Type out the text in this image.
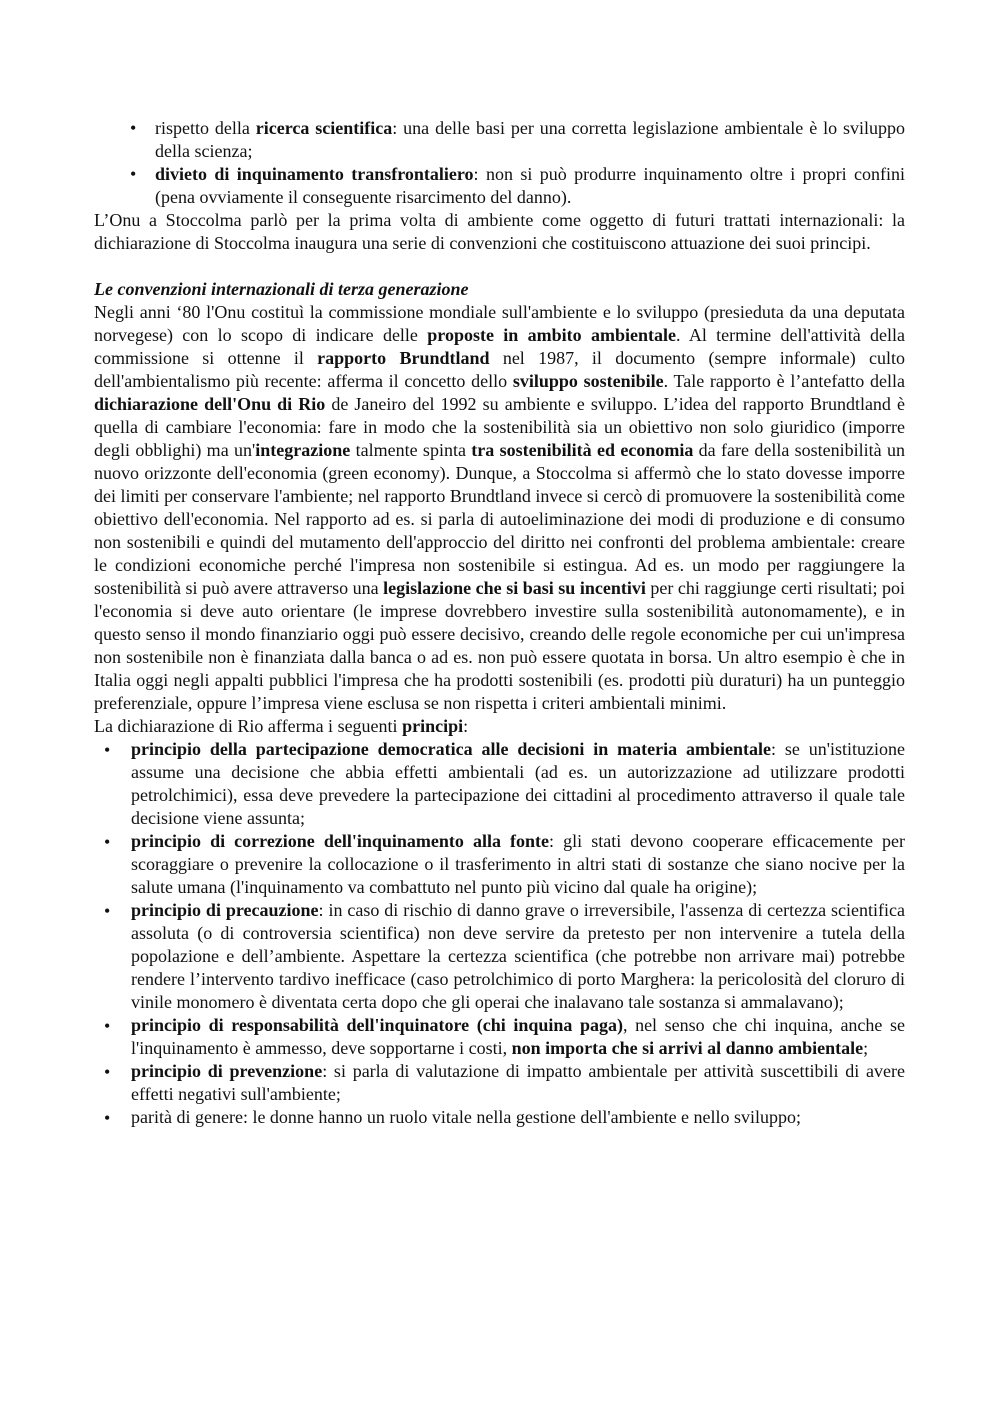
• rispetto della ricerca scientifica: una delle basi per una corretta legislazione ambientale è lo sviluppo della scienza;
• divieto di inquinamento transfrontaliero: non si può produrre inquinamento oltre i propri confini (pena ovviamente il conseguente risarcimento del danno).

L’Onu a Stoccolma parlò per la prima volta di ambiente come oggetto di futuri trattati internazionali: la dichiarazione di Stoccolma inaugura una serie di convenzioni che costituiscono attuazione dei suoi principi.

Le convenzioni internazionali di terza generazione

Negli anni ‘80 l'Onu costituì la commissione mondiale sull'ambiente e lo sviluppo (presieduta da una deputata norvegese) con lo scopo di indicare delle proposte in ambito ambientale. Al termine dell'attività della commissione si ottenne il rapporto Brundtland nel 1987, il documento (sempre informale) culto dell'ambientalismo più recente: afferma il concetto dello sviluppo sostenibile. Tale rapporto è l’antefatto della dichiarazione dell'Onu di Rio de Janeiro del 1992 su ambiente e sviluppo. L’idea del rapporto Brundtland è quella di cambiare l'economia: fare in modo che la sostenibilità sia un obiettivo non solo giuridico (imporre degli obblighi) ma un'integrazione talmente spinta tra sostenibilità ed economia da fare della sostenibilità un nuovo orizzonte dell'economia (green economy). Dunque, a Stoccolma si affermò che lo stato dovesse imporre dei limiti per conservare l'ambiente; nel rapporto Brundtland invece si cercò di promuovere la sostenibilità come obiettivo dell'economia. Nel rapporto ad es. si parla di autoeliminazione dei modi di produzione e di consumo non sostenibili e quindi del mutamento dell'approccio del diritto nei confronti del problema ambientale: creare le condizioni economiche perché l'impresa non sostenibile si estingua. Ad es. un modo per raggiungere la sostenibilità si può avere attraverso una legislazione che si basi su incentivi per chi raggiunge certi risultati; poi l'economia si deve auto orientare (le imprese dovrebbero investire sulla sostenibilità autonomamente), e in questo senso il mondo finanziario oggi può essere decisivo, creando delle regole economiche per cui un'impresa non sostenibile non è finanziata dalla banca o ad es. non può essere quotata in borsa. Un altro esempio è che in Italia oggi negli appalti pubblici l'impresa che ha prodotti sostenibili (es. prodotti più duraturi) ha un punteggio preferenziale, oppure l’impresa viene esclusa se non rispetta i criteri ambientali minimi.

La dichiarazione di Rio afferma i seguenti principi:

• principio della partecipazione democratica alle decisioni in materia ambientale: se un'istituzione assume una decisione che abbia effetti ambientali (ad es. un autorizzazione ad utilizzare prodotti petrolchimici), essa deve prevedere la partecipazione dei cittadini al procedimento attraverso il quale tale decisione viene assunta;
• principio di correzione dell'inquinamento alla fonte: gli stati devono cooperare efficacemente per scoraggiare o prevenire la collocazione o il trasferimento in altri stati di sostanze che siano nocive per la salute umana (l'inquinamento va combattuto nel punto più vicino dal quale ha origine);
• principio di precauzione: in caso di rischio di danno grave o irreversibile, l'assenza di certezza scientifica assoluta (o di controversia scientifica) non deve servire da pretesto per non intervenire a tutela della popolazione e dell’ambiente. Aspettare la certezza scientifica (che potrebbe non arrivare mai) potrebbe rendere l’intervento tardivo inefficace (caso petrolchimico di porto Marghera: la pericolosità del cloruro di vinile monomero è diventata certa dopo che gli operai che inalavano tale sostanza si ammalavano);
• principio di responsabilità dell'inquinatore (chi inquina paga), nel senso che chi inquina, anche se l'inquinamento è ammesso, deve sopportarne i costi, non importa che si arrivi al danno ambientale;
• principio di prevenzione: si parla di valutazione di impatto ambientale per attività suscettibili di avere effetti negativi sull'ambiente;
• parità di genere: le donne hanno un ruolo vitale nella gestione dell'ambiente e nello sviluppo;
